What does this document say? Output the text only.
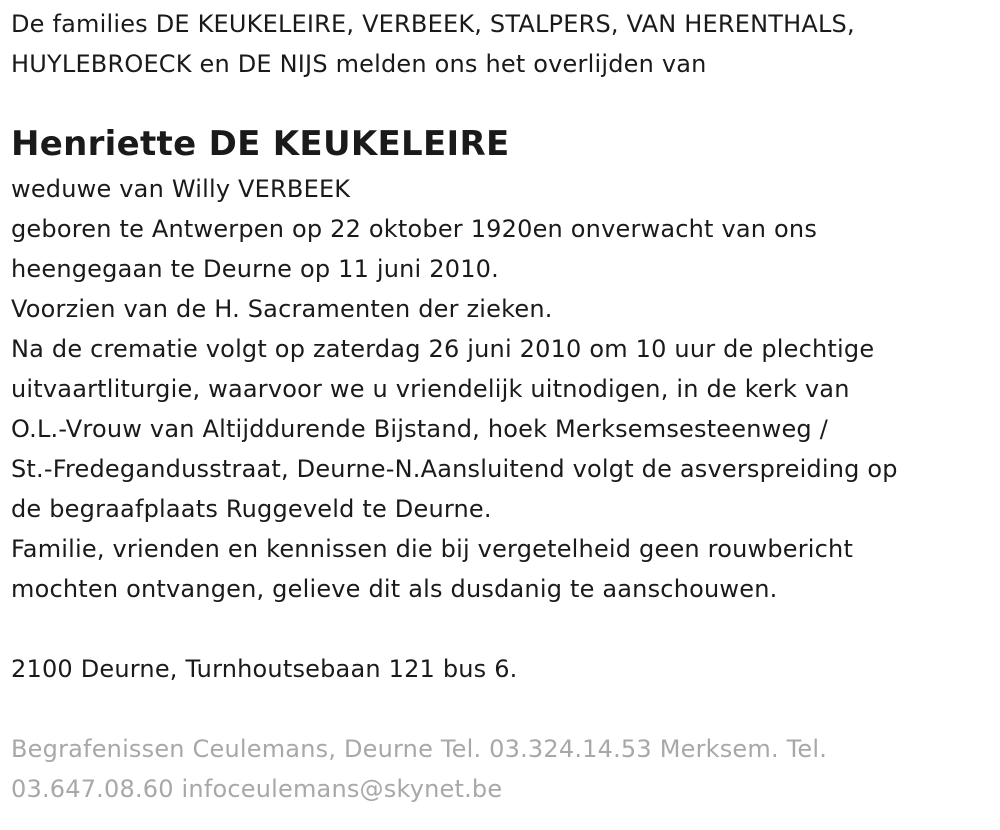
De families DE KEUKELEIRE, VERBEEK, STALPERS, VAN HERENTHALS,
HUYLEBROECK en DE NIJS melden ons het overlijden van
Henriette DE KEUKELEIRE
weduwe van Willy VERBEEK
geboren te Antwerpen op 22 oktober 1920en onverwacht van ons
heengegaan te Deurne op 11 juni 2010.
Voorzien van de H. Sacramenten der zieken.
Na de crematie volgt op zaterdag 26 juni 2010 om 10 uur de plechtige
uitvaartliturgie, waarvoor we u vriendelijk uitnodigen, in de kerk van
O.L.-Vrouw van Altijddurende Bijstand, hoek Merksemsesteenweg /
St.-Fredegandusstraat, Deurne-N.Aansluitend volgt de asverspreiding op
de begraafplaats Ruggeveld te Deurne.
Familie, vrienden en kennissen die bij vergetelheid geen rouwbericht
mochten ontvangen, gelieve dit als dusdanig te aanschouwen.
2100 Deurne, Turnhoutsebaan 121 bus 6.
Begrafenissen Ceulemans, Deurne Tel. 03.324.14.53 Merksem. Tel.
03.647.08.60 infoceulemans@skynet.be
